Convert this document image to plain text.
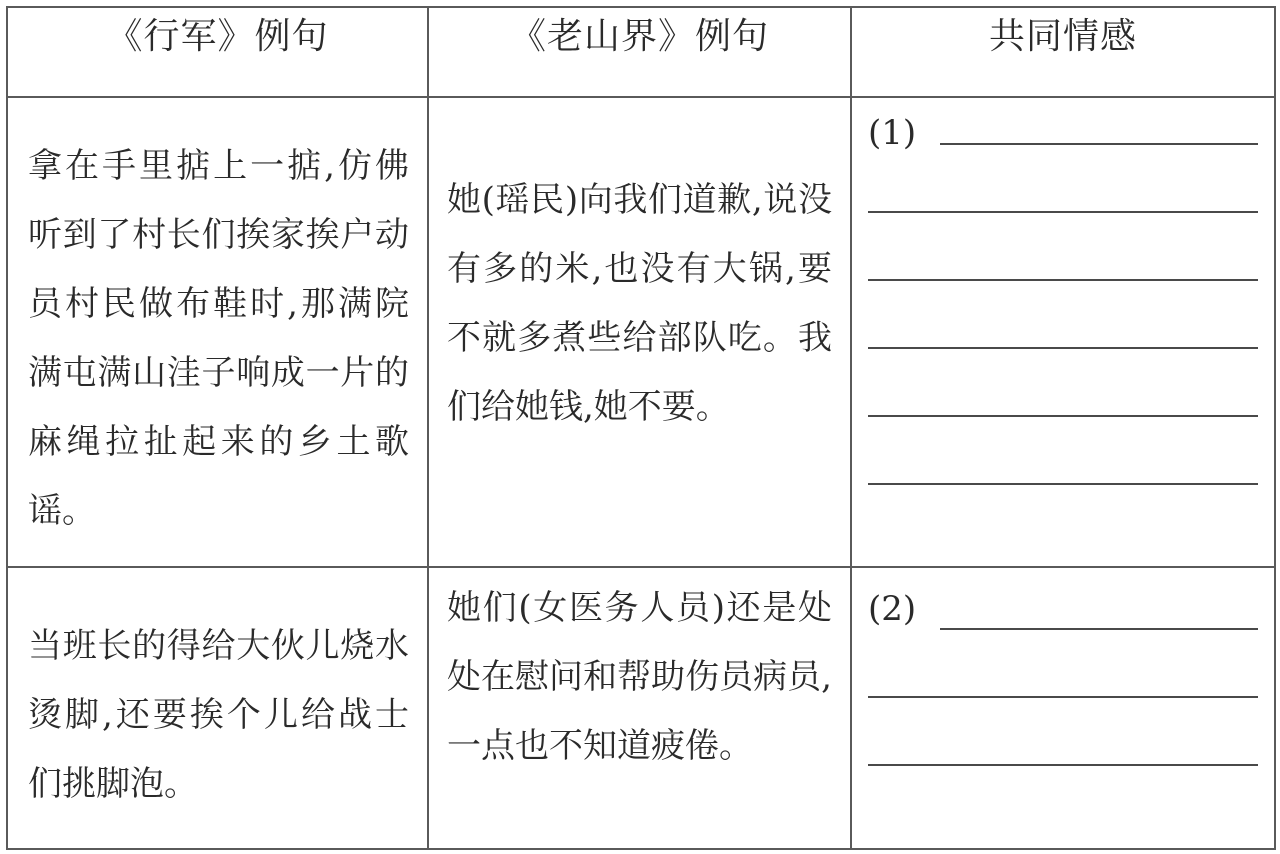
《行军》例句	《老山界》例句	共同情感

拿在手里掂上一掂,仿佛听到了村长们挨家挨户动员村民做布鞋时,那满院满屯满山洼子响成一片的麻绳拉扯起来的乡土歌谣。	她(瑶民)向我们道歉,说没有多的米,也没有大锅,要不就多煮些给部队吃。我们给她钱,她不要。	(1)

当班长的得给大伙儿烧水烫脚,还要挨个儿给战士们挑脚泡。	她们(女医务人员)还是处处在慰问和帮助伤员病员,一点也不知道疲倦。	(2)
